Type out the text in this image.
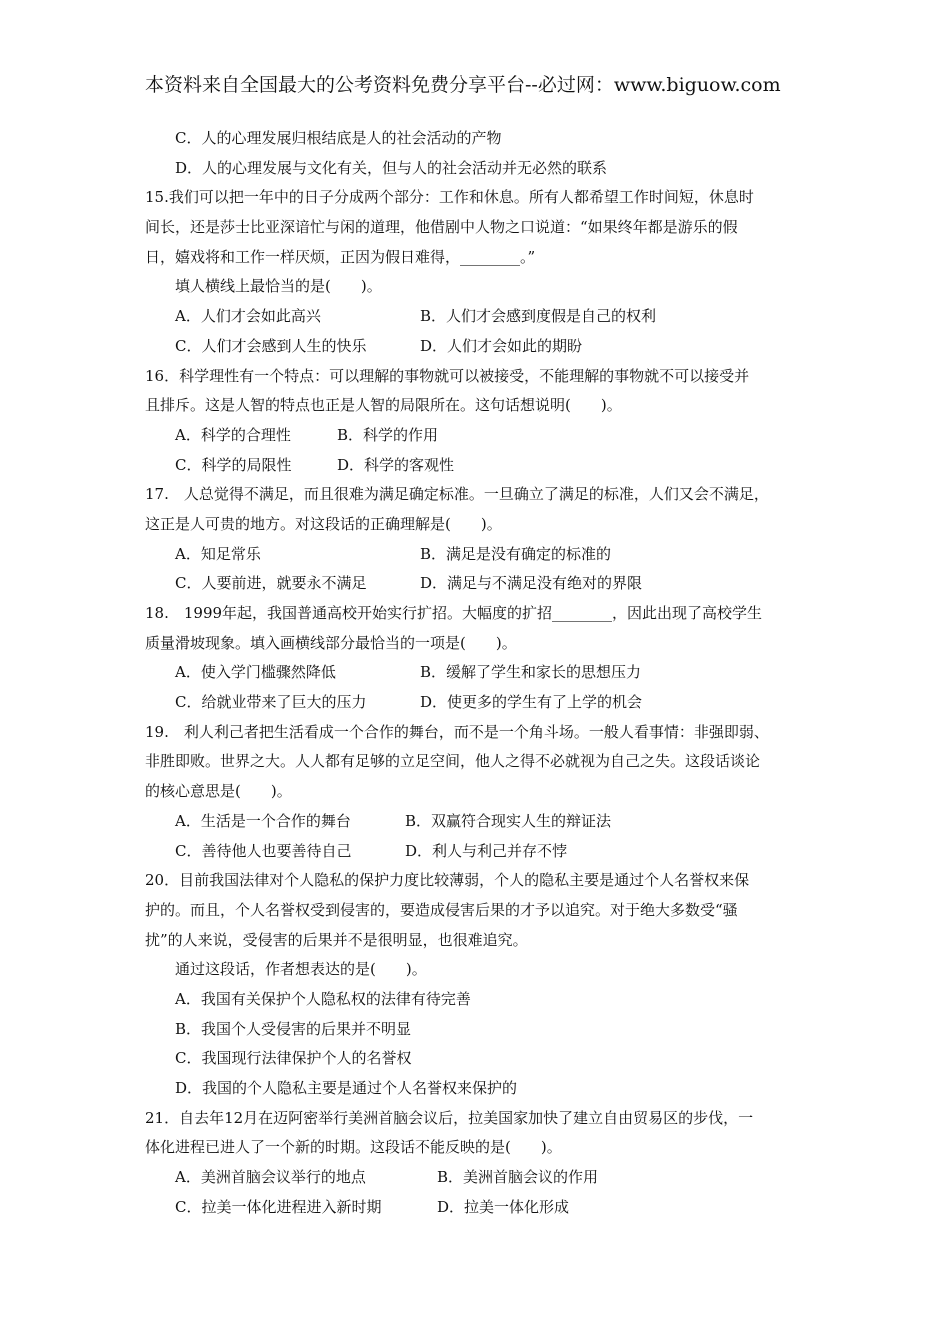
本资料来自全国最大的公考资料免费分享平台--必过网：www.biguow.com
C．人的心理发展归根结底是人的社会活动的产物
D．人的心理发展与文化有关，但与人的社会活动并无必然的联系
15.我们可以把一年中的日子分成两个部分：工作和休息。所有人都希望工作时间短，休息时
间长，还是莎士比亚深谙忙与闲的道理，他借剧中人物之口说道：“如果终年都是游乐的假
日，嬉戏将和工作一样厌烦，正因为假日难得，________。”
填人横线上最恰当的是(　　)。
A．人们才会如此高兴	B．人们才会感到度假是自己的权利
C．人们才会感到人生的快乐	D．人们才会如此的期盼
16．科学理性有一个特点：可以理解的事物就可以被接受，不能理解的事物就不可以接受并
且排斥。这是人智的特点也正是人智的局限所在。这句话想说明(　　)。
A．科学的合理性	B．科学的作用
C．科学的局限性	D．科学的客观性
17.　人总觉得不满足，而且很难为满足确定标准。一旦确立了满足的标准，人们又会不满足，
这正是人可贵的地方。对这段话的正确理解是(　　)。
A．知足常乐	B．满足是没有确定的标准的
C．人要前进，就要永不满足	D．满足与不满足没有绝对的界限
18.　1999年起，我国普通高校开始实行扩招。大幅度的扩招________，因此出现了高校学生
质量滑坡现象。填入画横线部分最恰当的一项是(　　)。
A．使入学门槛骤然降低	B．缓解了学生和家长的思想压力
C．给就业带来了巨大的压力	D．使更多的学生有了上学的机会
19.　利人利己者把生活看成一个合作的舞台，而不是一个角斗场。一般人看事情：非强即弱、
非胜即败。世界之大。人人都有足够的立足空间，他人之得不必就视为自己之失。这段话谈论
的核心意思是(　　)。
A．生活是一个合作的舞台	B．双赢符合现实人生的辩证法
C．善待他人也要善待自己	D．利人与利己并存不悖
20．目前我国法律对个人隐私的保护力度比较薄弱，个人的隐私主要是通过个人名誉权来保
护的。而且，个人名誉权受到侵害的，要造成侵害后果的才予以追究。对于绝大多数受“骚
扰”的人来说，受侵害的后果并不是很明显，也很难追究。
通过这段话，作者想表达的是(　　)。
A．我国有关保护个人隐私权的法律有待完善
B．我国个人受侵害的后果并不明显
C．我国现行法律保护个人的名誉权
D．我国的个人隐私主要是通过个人名誉权来保护的
21．自去年12月在迈阿密举行美洲首脑会议后，拉美国家加快了建立自由贸易区的步伐，一
体化进程已进人了一个新的时期。这段话不能反映的是(　　)。
A．美洲首脑会议举行的地点	B．美洲首脑会议的作用
C．拉美一体化进程进入新时期	D．拉美一体化形成
